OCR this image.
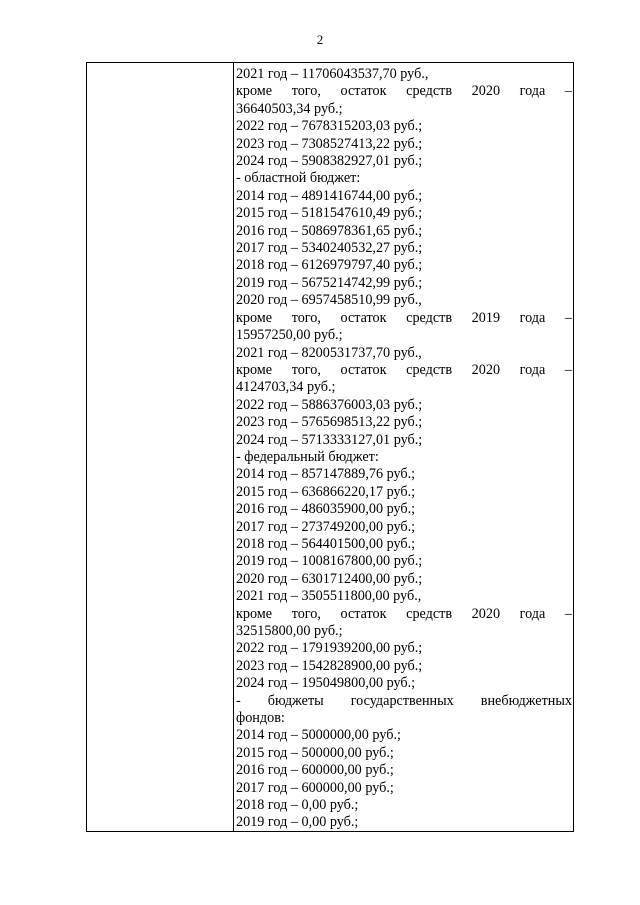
2
2021 год – 11706043537,70 руб.,
кроме того, остаток средств 2020 года –
36640503,34 руб.;
2022 год – 7678315203,03 руб.;
2023 год – 7308527413,22 руб.;
2024 год – 5908382927,01 руб.;
- областной бюджет:
2014 год – 4891416744,00 руб.;
2015 год – 5181547610,49 руб.;
2016 год – 5086978361,65 руб.;
2017 год – 5340240532,27 руб.;
2018 год – 6126979797,40 руб.;
2019 год – 5675214742,99 руб.;
2020 год – 6957458510,99 руб.,
кроме того, остаток средств 2019 года –
15957250,00 руб.;
2021 год – 8200531737,70 руб.,
кроме того, остаток средств 2020 года –
4124703,34 руб.;
2022 год – 5886376003,03 руб.;
2023 год – 5765698513,22 руб.;
2024 год – 5713333127,01 руб.;
- федеральный бюджет:
2014 год – 857147889,76 руб.;
2015 год – 636866220,17 руб.;
2016 год – 486035900,00 руб.;
2017 год – 273749200,00 руб.;
2018 год – 564401500,00 руб.;
2019 год – 1008167800,00 руб.;
2020 год – 6301712400,00 руб.;
2021 год – 3505511800,00 руб.,
кроме того, остаток средств 2020 года –
32515800,00 руб.;
2022 год – 1791939200,00 руб.;
2023 год – 1542828900,00 руб.;
2024 год – 195049800,00 руб.;
- бюджеты государственных внебюджетных
фондов:
2014 год – 5000000,00 руб.;
2015 год – 500000,00 руб.;
2016 год – 600000,00 руб.;
2017 год – 600000,00 руб.;
2018 год – 0,00 руб.;
2019 год – 0,00 руб.;
